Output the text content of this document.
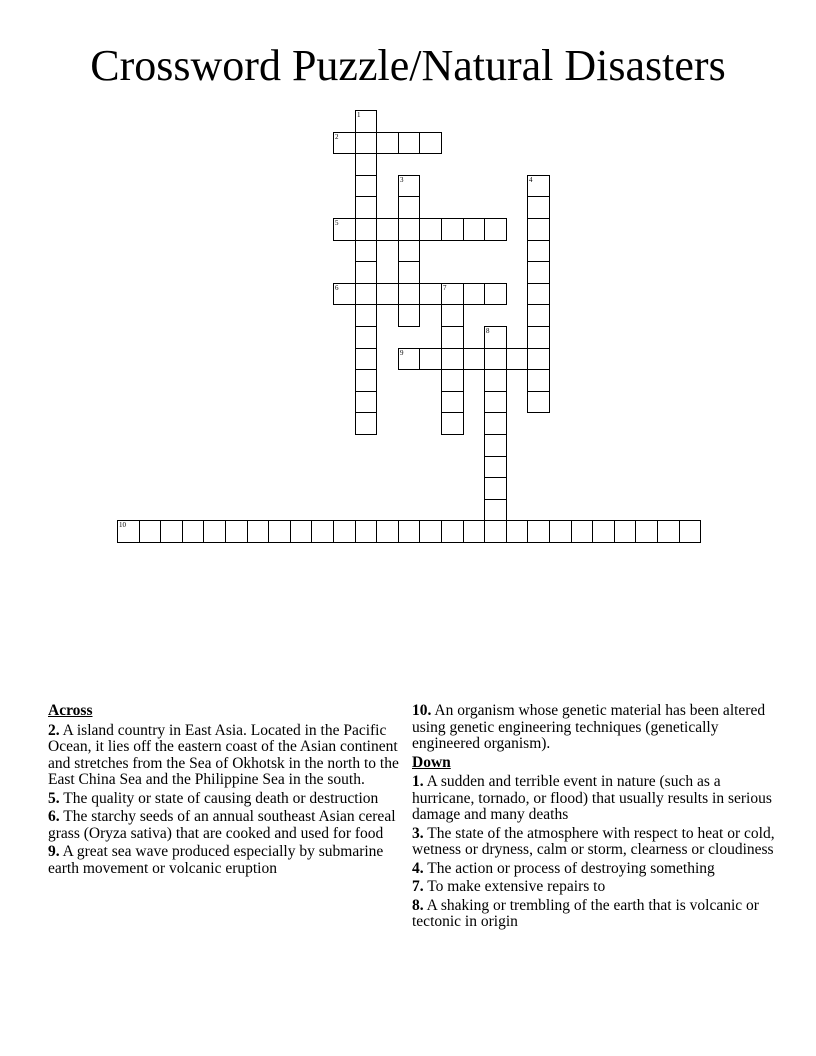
Crossword Puzzle/Natural Disasters
1
2
3	4
5
6	7
8
9
10
Across
2. A island country in East Asia. Located in the Pacific Ocean, it lies off the eastern coast of the Asian continent and stretches from the Sea of Okhotsk in the north to the East China Sea and the Philippine Sea in the south.
5. The quality or state of causing death or destruction
6. The starchy seeds of an annual southeast Asian cereal grass (Oryza sativa) that are cooked and used for food
9. A great sea wave produced especially by submarine earth movement or volcanic eruption
10. An organism whose genetic material has been altered using genetic engineering techniques (genetically engineered organism).
Down
1. A sudden and terrible event in nature (such as a hurricane, tornado, or flood) that usually results in serious damage and many deaths
3. The state of the atmosphere with respect to heat or cold, wetness or dryness, calm or storm, clearness or cloudiness
4. The action or process of destroying something
7. To make extensive repairs to
8. A shaking or trembling of the earth that is volcanic or tectonic in origin
